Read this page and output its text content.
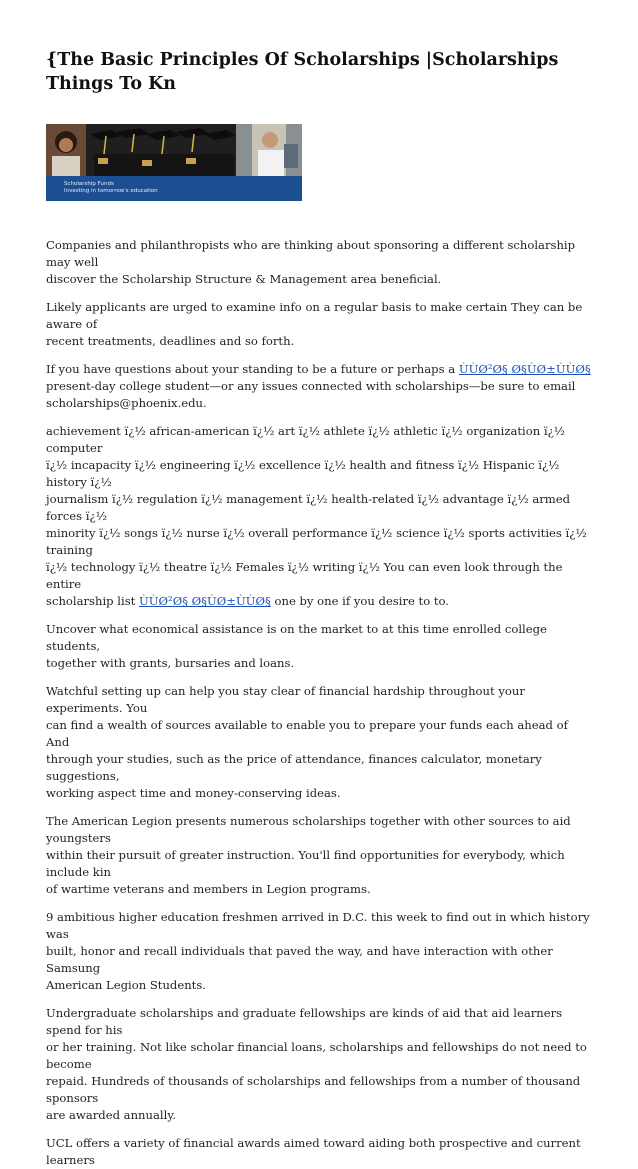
{The Basic Principles Of Scholarships |Scholarships Things To Kn
Scholarship Funds
Investing in tomorrow's education

Companies and philanthropists who are thinking about sponsoring a different scholarship may well
discover the Scholarship Structure & Management area beneficial.

Likely applicants are urged to examine info on a regular basis to make certain They can be aware of
recent treatments, deadlines and so forth.

If you have questions about your standing to be a future or perhaps a ÙÙØ²Ø§ Ø§ÙØ±ÙÙØ§
present-day college student—or any issues connected with scholarships—be sure to email
scholarships@phoenix.edu.

achievement ï¿½ african-american ï¿½ art ï¿½ athlete ï¿½ athletic ï¿½ organization ï¿½ computer
ï¿½ incapacity ï¿½ engineering ï¿½ excellence ï¿½ health and fitness ï¿½ Hispanic ï¿½ history ï¿½
journalism ï¿½ regulation ï¿½ management ï¿½ health-related ï¿½ advantage ï¿½ armed forces ï¿½
minority ï¿½ songs ï¿½ nurse ï¿½ overall performance ï¿½ science ï¿½ sports activities ï¿½ training
ï¿½ technology ï¿½ theatre ï¿½ Females ï¿½ writing ï¿½ You can even look through the entire
scholarship list ÙÙØ²Ø§ Ø§ÙØ±ÙÙØ§ one by one if you desire to to.

Uncover what economical assistance is on the market to at this time enrolled college students,
together with grants, bursaries and loans.

Watchful setting up can help you stay clear of financial hardship throughout your experiments. You
can find a wealth of sources available to enable you to prepare your funds each ahead of And
through your studies, such as the price of attendance, finances calculator, monetary suggestions,
working aspect time and money-conserving ideas.

The American Legion presents numerous scholarships together with other sources to aid youngsters
within their pursuit of greater instruction. You'll find opportunities for everybody, which include kin
of wartime veterans and members in Legion programs.

9 ambitious higher education freshmen arrived in D.C. this week to find out in which history was
built, honor and recall individuals that paved the way, and have interaction with other Samsung
American Legion Students.

Undergraduate scholarships and graduate fellowships are kinds of aid that aid learners spend for his
or her training. Not like scholar financial loans, scholarships and fellowships do not need to become
repaid. Hundreds of thousands of scholarships and fellowships from a number of thousand sponsors
are awarded annually.

UCL offers a variety of financial awards aimed toward aiding both prospective and current learners
